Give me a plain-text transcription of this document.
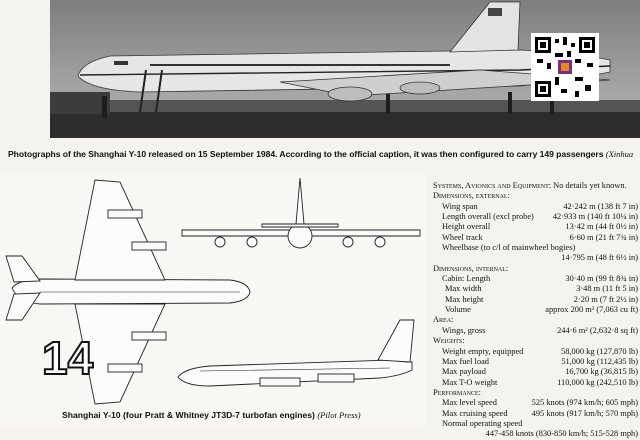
Photographs of the Shanghai Y-10 released on 15 September 1984. According to the official caption, it was then configured to carry 149 passengers (Xinhua
14
Shanghai Y-10 (four Pratt & Whitney JT3D-7 turbofan engines) (Pilot Press)
Systems, Avionics and Equipment: No details yet known.
Dimensions, external:
Wing span	42·242 m (138 ft 7 in)
Length overall (excl probe) 42·933 m (140 ft 10¼ in)
Height overall	13·42 m (44 ft 0½ in)
Wheel track	6·60 m (21 ft 7¾ in)
Wheelbase (to c/l of mainwheel bogies)
14·795 m (48 ft 6½ in)
Dimensions, internal:
Cabin: Length	30·40 m (99 ft 8¾ in)
Max width	3·48 m (11 ft 5 in)
Max height	2·20 m (7 ft 2½ in)
Volume	approx 200 m³ (7,063 cu ft)
Area:
Wings, gross	244·6 m² (2,632·8 sq ft)
Weights:
Weight empty, equipped	58,000 kg (127,870 lb)
Max fuel load	51,000 kg (112,435 lb)
Max payload	16,700 kg (36,815 lb)
Max T-O weight	110,000 kg (242,510 lb)
Performance:
Max level speed	525 knots (974 km/h; 605 mph)
Max cruising speed	495 knots (917 km/h; 570 mph)
Normal operating speed
447-458 knots (830-850 km/h; 515-528 mph)
